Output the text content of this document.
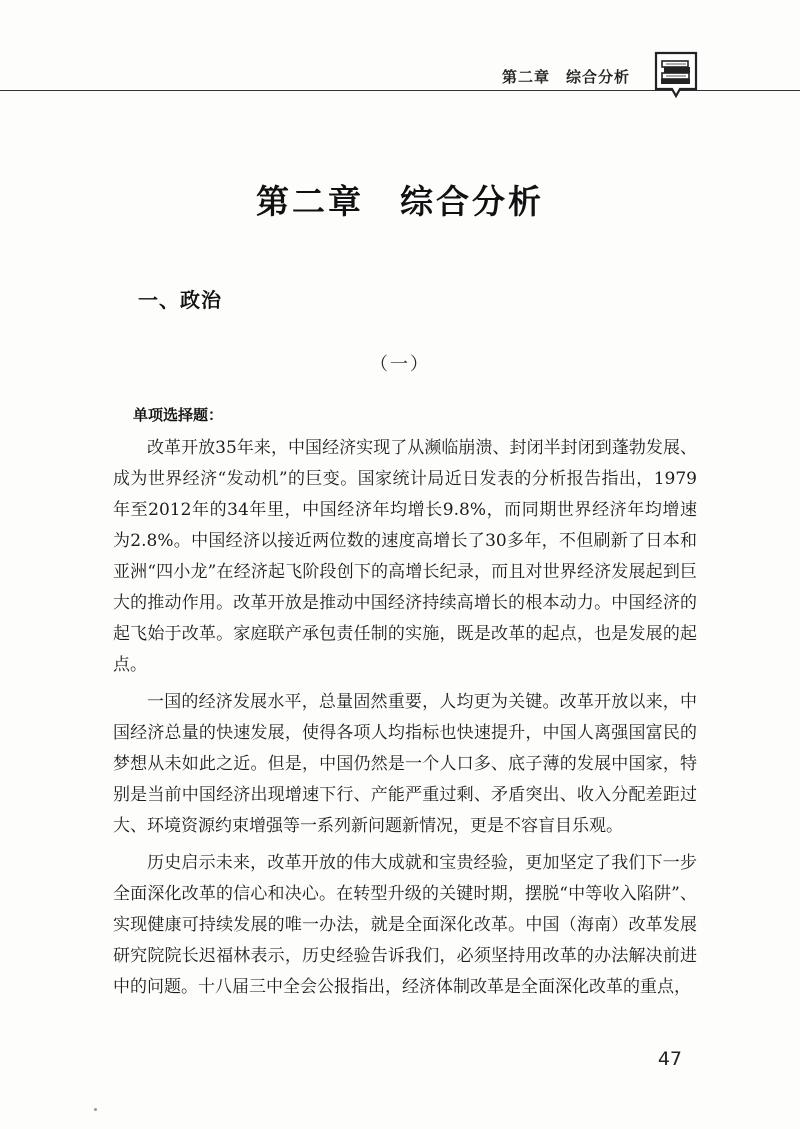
第二章　综合分析
第二章　综合分析
一、政治
（一）
单项选择题：

改革开放35年来，中国经济实现了从濒临崩溃、封闭半封闭到蓬勃发展、成为世界经济“发动机”的巨变。国家统计局近日发表的分析报告指出，1979年至2012年的34年里，中国经济年均增长9.8%，而同期世界经济年均增速为2.8%。中国经济以接近两位数的速度高增长了30多年，不但刷新了日本和亚洲“四小龙”在经济起飞阶段创下的高增长纪录，而且对世界经济发展起到巨大的推动作用。改革开放是推动中国经济持续高增长的根本动力。中国经济的起飞始于改革。家庭联产承包责任制的实施，既是改革的起点，也是发展的起点。

一国的经济发展水平，总量固然重要，人均更为关键。改革开放以来，中国经济总量的快速发展，使得各项人均指标也快速提升，中国人离强国富民的梦想从未如此之近。但是，中国仍然是一个人口多、底子薄的发展中国家，特别是当前中国经济出现增速下行、产能严重过剩、矛盾突出、收入分配差距过大、环境资源约束增强等一系列新问题新情况，更是不容盲目乐观。

历史启示未来，改革开放的伟大成就和宝贵经验，更加坚定了我们下一步全面深化改革的信心和决心。在转型升级的关键时期，摆脱“中等收入陷阱”、实现健康可持续发展的唯一办法，就是全面深化改革。中国（海南）改革发展研究院院长迟福林表示，历史经验告诉我们，必须坚持用改革的办法解决前进中的问题。十八届三中全会公报指出，经济体制改革是全面深化改革的重点，

47
